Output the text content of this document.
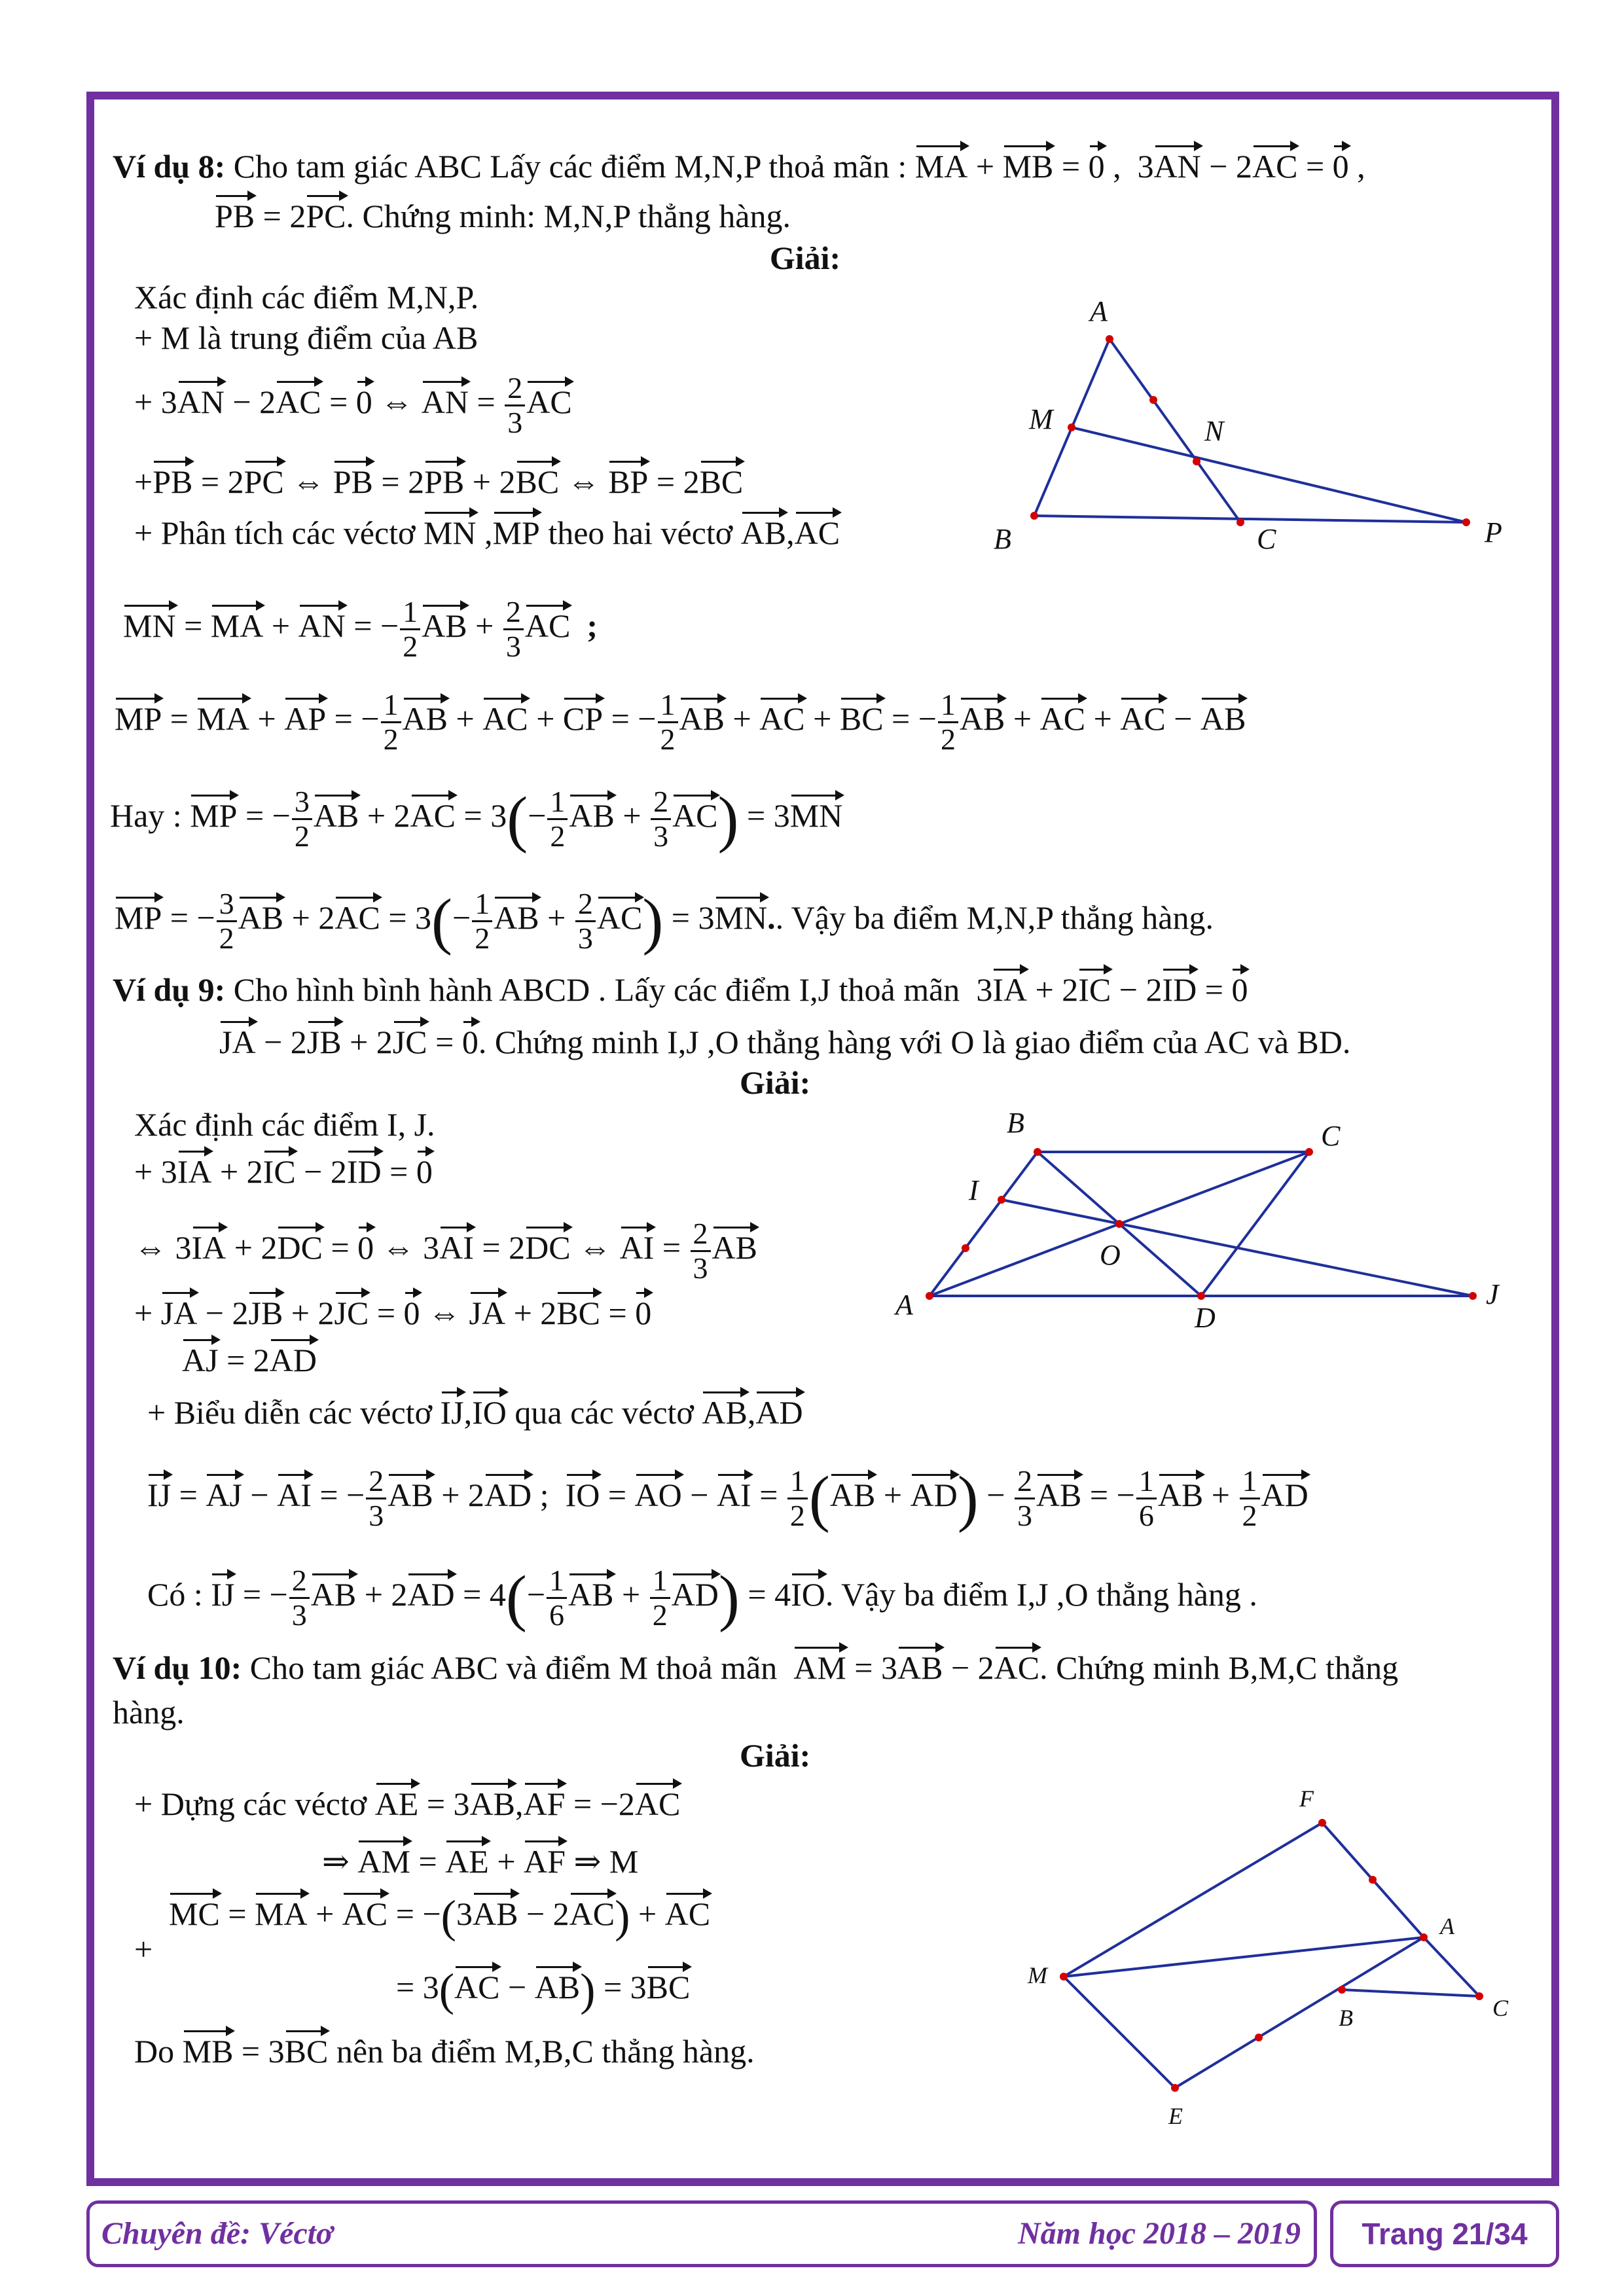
Ví dụ 8: Cho tam giác ABC Lấy các điểm M,N,P thoả mãn : MA + MB = 0 ,  3AN − 2AC = 0 ,
PB = 2PC. Chứng minh: M,N,P thẳng hàng.
Giải:
Xác định các điểm M,N,P.
+ M là trung điểm của AB
+ 3AN − 2AC = 0 ⇔ AN = $\frac{2}{3}$ AC
+PB = 2PC ⇔ PB = 2PB + 2BC ⇔ BP = 2BC
+ Phân tích các véctơ MN ,MP theo hai véctơ AB,AC
MN = MA + AN = − $\frac{1}{2}$ AB + $\frac{2}{3}$ AC ;
MP = MA + AP = − $\frac{1}{2}$ AB + AC + CP = − $\frac{1}{2}$ AB + AC + BC = − $\frac{1}{2}$ AB + AC + AC − AB
Hay : MP = − $\frac{3}{2}$ AB + $2AC = 3(- \frac{1}{2}$ AB + $\frac{2}{3} AC) = 3MN$
MP = − $\frac{3}{2}$ AB + $2AC = 3(- \frac{1}{2}$ AB + $\frac{2}{3} AC) = 3MN$.. Vậy ba điểm M,N,P thẳng hàng.
A
M	N
B	C	P
Ví dụ 9: Cho hình bình hành ABCD . Lấy các điểm I,J thoả mãn  3IA + 2IC − 2ID = 0
JA − 2JB + 2JC = 0. Chứng minh I,J ,O thẳng hàng với O là giao điểm của AC và BD.
Giải:
Xác định các điểm I, J.
+ 3IA + 2IC − 2ID = 0
⇔ 3IA + 2DC = 0 ⇔ 3AI = 2DC ⇔ AI = $\frac{2}{3}$ AB
+ JA − 2JB + 2JC = 0 ⇔ JA + 2BC = 0
AJ = 2AD
+ Biểu diễn các véctơ IJ,IO qua các véctơ AB,AD
IJ = AJ − AI = − $\frac{2}{3}$ AB + 2AD ;  IO = AO − AI = $\frac{1}{2} (AB + AD) - \frac{2}{3}$ AB = − $\frac{1}{6}$ AB + $\frac{1}{2}$ AD
Có : IJ = − $\frac{2}{3}$ AB + $2AD = 4(- \frac{1}{6}$ AB + $\frac{1}{2} AD) = 4IO$. Vậy ba điểm I,J ,O thẳng hàng .
B	C
I
O
A	D
J
Ví dụ 10: Cho tam giác ABC và điểm M thoả mãn AM = 3AB − 2AC. Chứng minh B,M,C thẳng
hàng.
Giải:
+ Dựng các véctơ AE = 3AB,AF = −2AC
⇒ AM = AE + AF ⇒ M
MC = MA + AC = −(3AB − 2AC) + AC
+
= 3(AC − AB) = 3BC
Do MB = 3BC nên ba điểm M,B,C thẳng hàng.
F
A
M
B	C
E
Chuyên đề: Véctơ	Năm học 2018 – 2019	Trang 21/34
